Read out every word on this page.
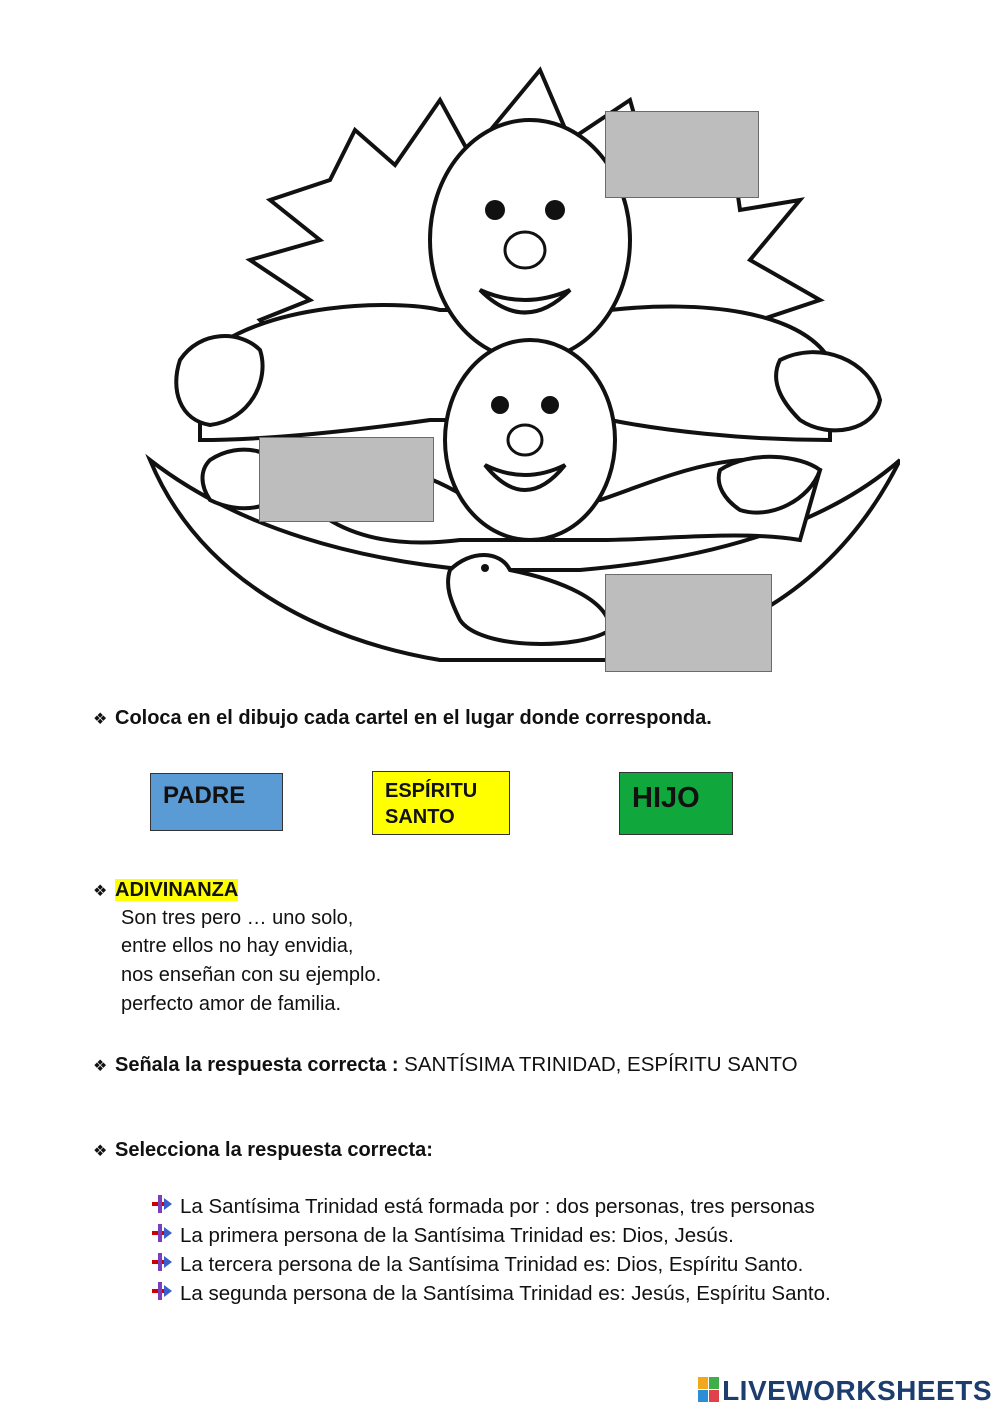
❖ Coloca en el dibujo cada cartel en el lugar donde corresponda.
PADRE	ESPÍRITU
SANTO
HIJO
❖ ADIVINANZA
Son tres pero … uno solo,
entre ellos no hay envidia,
nos enseñan con su ejemplo.
perfecto amor de familia.
❖ Señala la respuesta correcta : SANTÍSIMA TRINIDAD, ESPÍRITU SANTO
❖ Selecciona la respuesta correcta:
La Santísima Trinidad está formada por : dos personas, tres personas
La primera persona de la Santísima Trinidad es: Dios, Jesús.
La tercera persona de la Santísima Trinidad es: Dios, Espíritu Santo.
La segunda persona de la Santísima Trinidad es: Jesús, Espíritu Santo.
LIVEWORKSHEETS
